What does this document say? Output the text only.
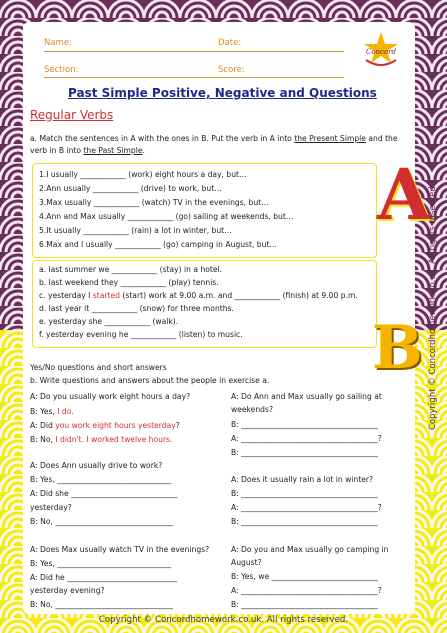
Name:	Date:
Section:	Score:
Concord
Past Simple Positive, Negative and Questions
Regular Verbs
a. Match the sentences in A with the ones in B. Put the verb in A into the Present Simple and the verb in B into the Past Simple.
1.I usually ____________ (work) eight hours a day, but…
2.Ann usually ____________ (drive) to work, but…
3.Max usually ____________ (watch) TV in the evenings, but…
4.Ann and Max usually ____________ (go) sailing at weekends, but…
5.It usually ____________ (rain) a lot in winter, but…
6.Max and I usually ____________ (go) camping in August, but…
a. last summer we ____________ (stay) in a hotel.
b. last weekend they ____________ (play) tennis.
c. yesterday I started (start) work at 9.00 a.m. and ____________ (finish) at 9.00 p.m.
d. last year it ____________ (snow) for three months.
e. yesterday she ____________ (walk).
f. yesterday evening he ____________ (listen) to music.
A
B Copyright © Concordhomework.co.uk. All rights reserved.
Yes/No questions and short answers
b. Write questions and answers about the people in exercise a.
A: Do you usually work eight hours a day?
B: Yes, I do.
A: Did you work eight hours yesterday?
B: No, I didn't. I worked twelve hours.
A: Do Ann and Max usually go sailing at
weekends?
B: ____________________________________
A: ____________________________________?
B: ____________________________________
A: Does Ann usually drive to work?
B: Yes, ______________________________
A: Did she ____________________________
yesterday?
B: No, _______________________________
A: Does it usually rain a lot in winter?
B: ____________________________________
A: ____________________________________?
B: ____________________________________
A: Does Max usually watch TV in the evenings?
B: Yes, ______________________________
A: Did he _____________________________
yesterday evening?
B: No, _______________________________
A: Do you and Max usually go camping in
August?
B: Yes, we ____________________________
A: ____________________________________?
B: ____________________________________
Copyright © Concordhomework.co.uk. All rights reserved.
